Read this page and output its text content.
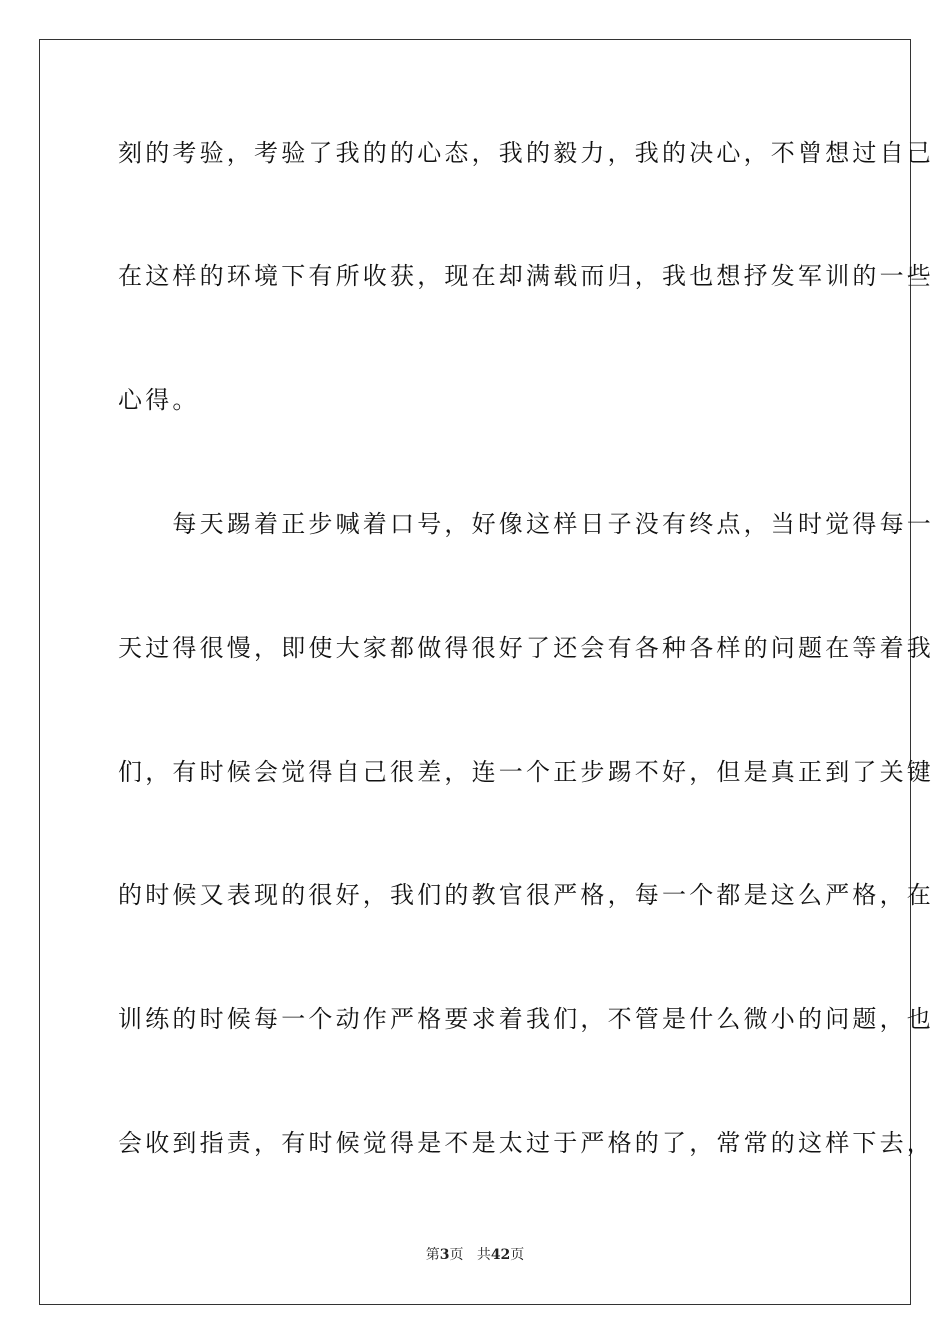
刻的考验，考验了我的的心态，我的毅力，我的决心，不曾想过自己
在这样的环境下有所收获，现在却满载而归，我也想抒发军训的一些
心得。
　　每天踢着正步喊着口号，好像这样日子没有终点，当时觉得每一
天过得很慢，即使大家都做得很好了还会有各种各样的问题在等着我
们，有时候会觉得自己很差，连一个正步踢不好，但是真正到了关键
的时候又表现的很好，我们的教官很严格，每一个都是这么严格，在
训练的时候每一个动作严格要求着我们，不管是什么微小的问题，也
会收到指责，有时候觉得是不是太过于严格的了，常常的这样下去，
第3页 共42页
